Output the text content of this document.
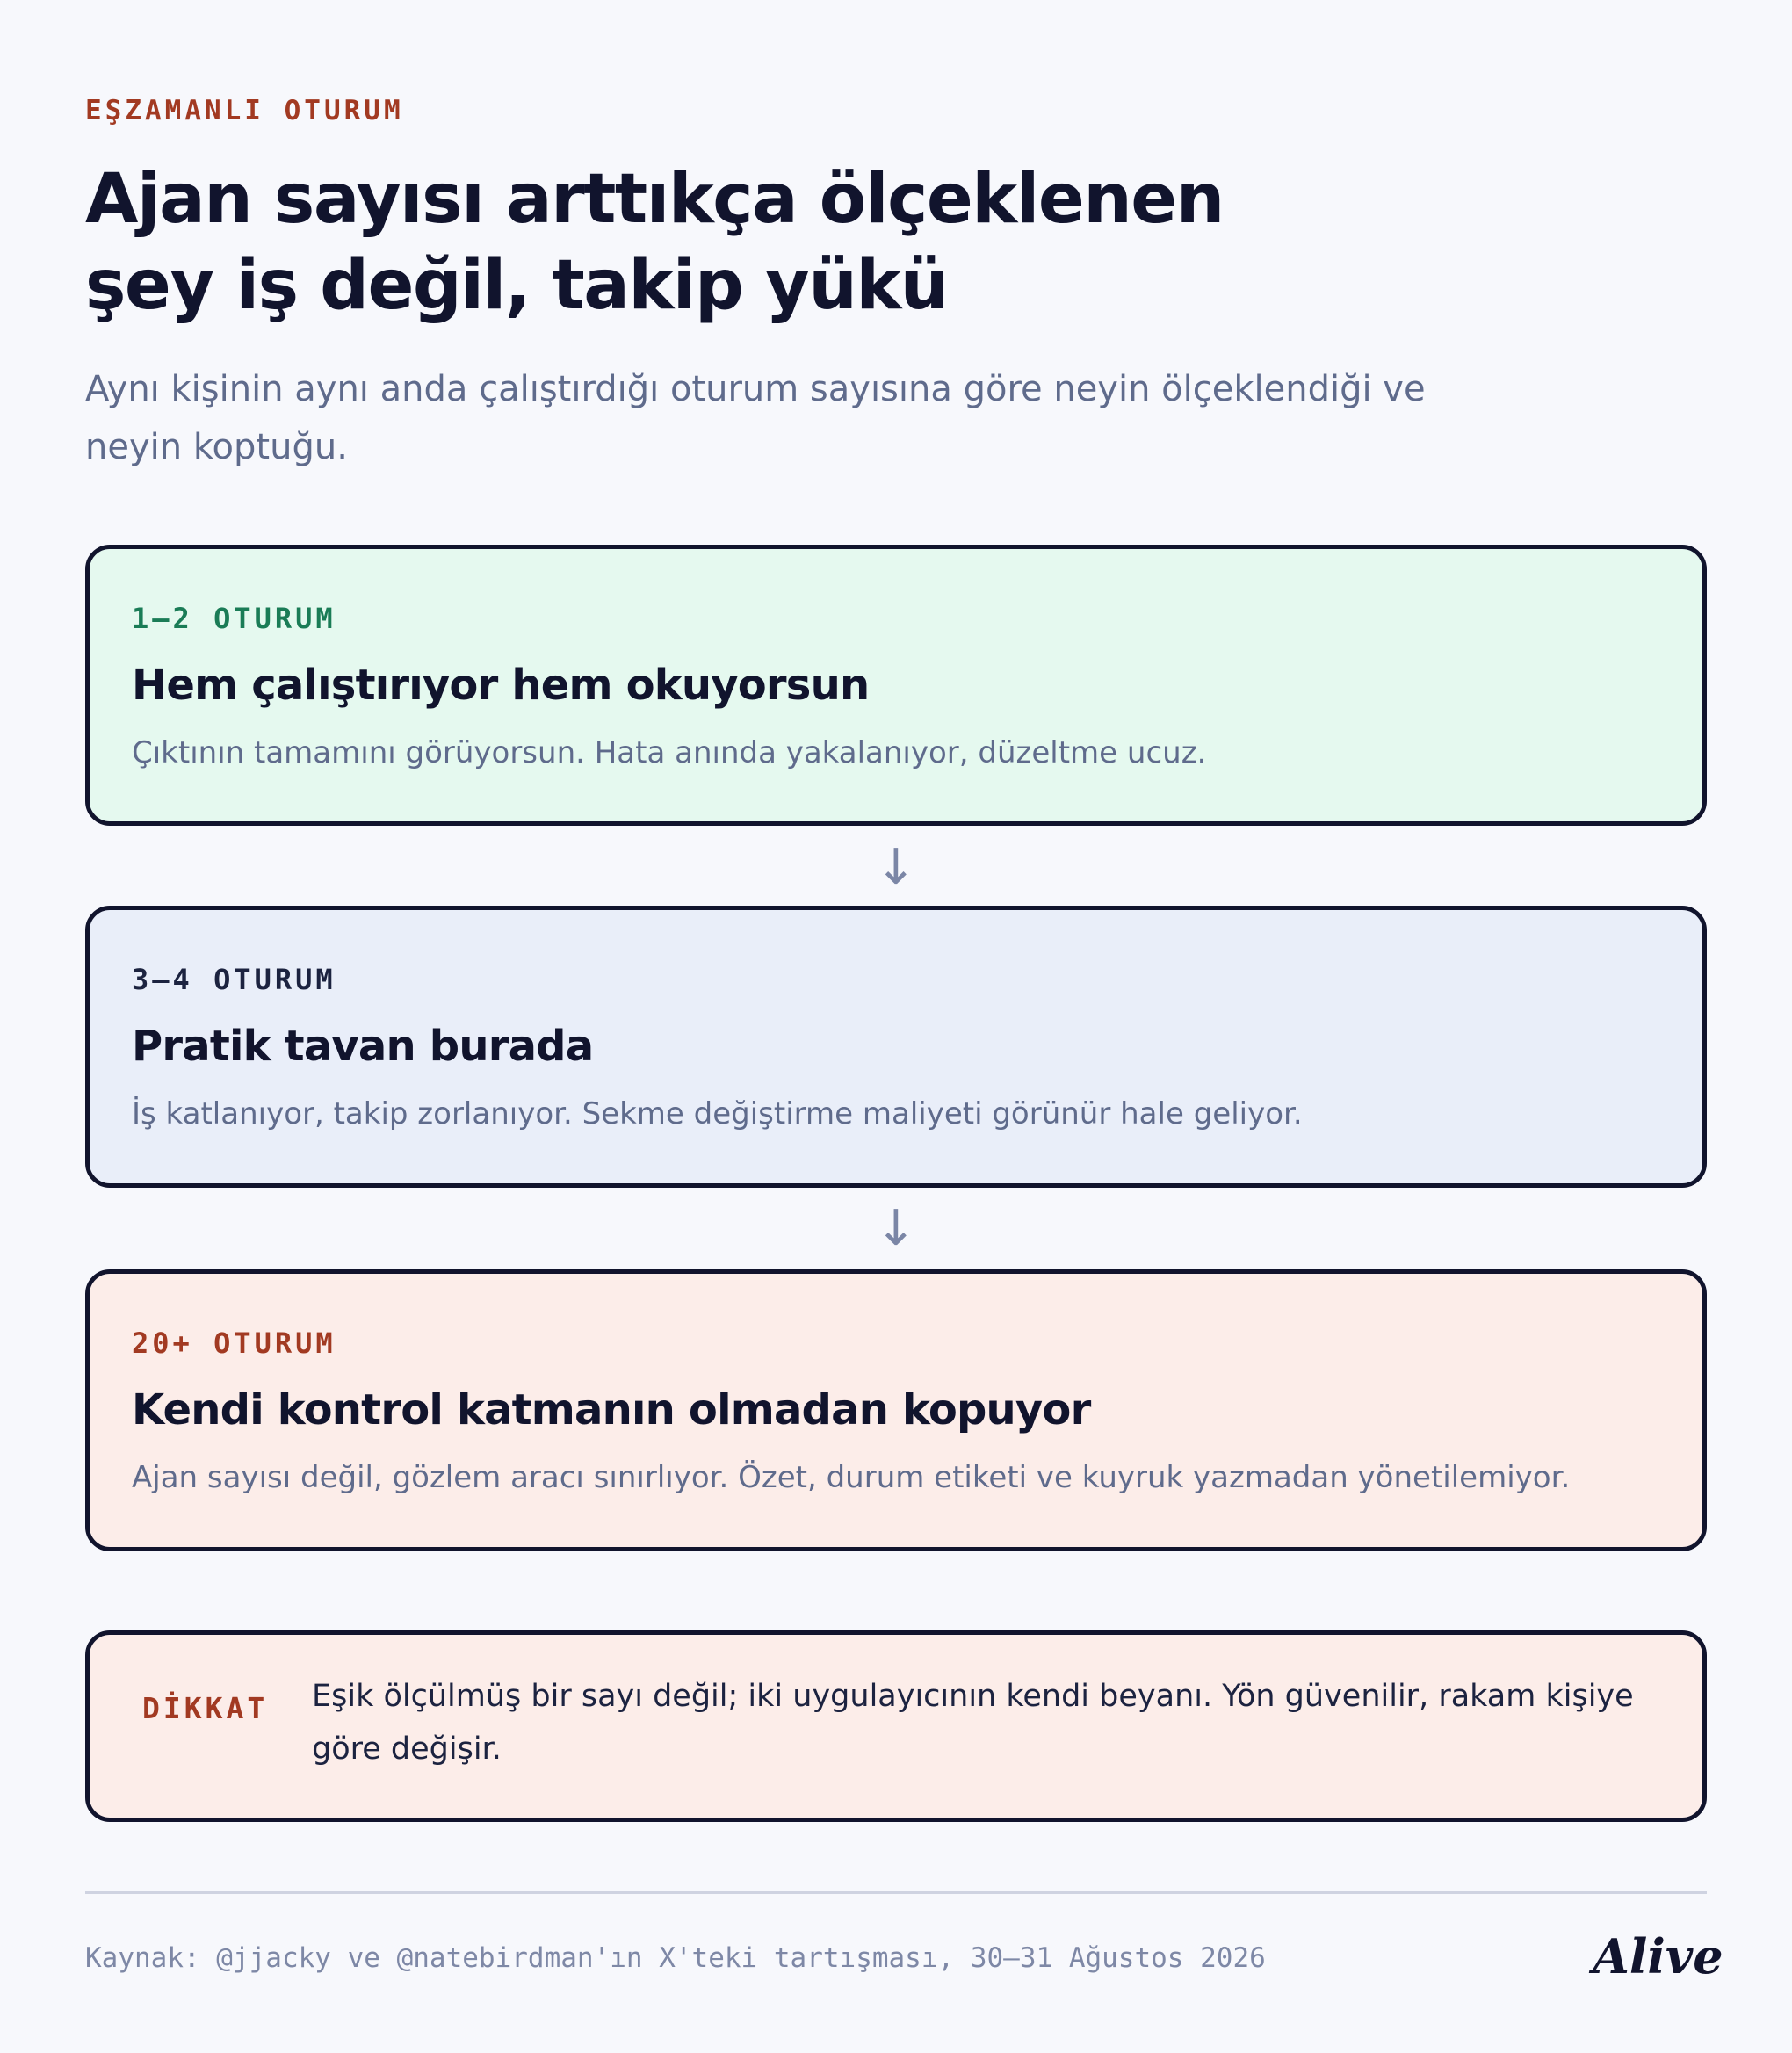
EŞZAMANLI OTURUM
Ajan sayısı arttıkça ölçeklenen
şey iş değil, takip yükü

Aynı kişinin aynı anda çalıştırdığı oturum sayısına göre neyin ölçeklendiği ve
neyin koptuğu.

1–2 OTURUM
Hem çalıştırıyor hem okuyorsun
Çıktının tamamını görüyorsun. Hata anında yakalanıyor, düzeltme ucuz.
↓
3–4 OTURUM
Pratik tavan burada
İş katlanıyor, takip zorlanıyor. Sekme değiştirme maliyeti görünür hale geliyor.
↓
20+ OTURUM
Kendi kontrol katmanın olmadan kopuyor
Ajan sayısı değil, gözlem aracı sınırlıyor. Özet, durum etiketi ve kuyruk yazmadan yönetilemiyor.
DİKKAT Eşik ölçülmüş bir sayı değil; iki uygulayıcının kendi beyanı. Yön güvenilir, rakam kişiye
göre değişir.

Kaynak: @jjacky ve @natebirdman'ın X'teki tartışması, 30–31 Ağustos 2026	Alive
